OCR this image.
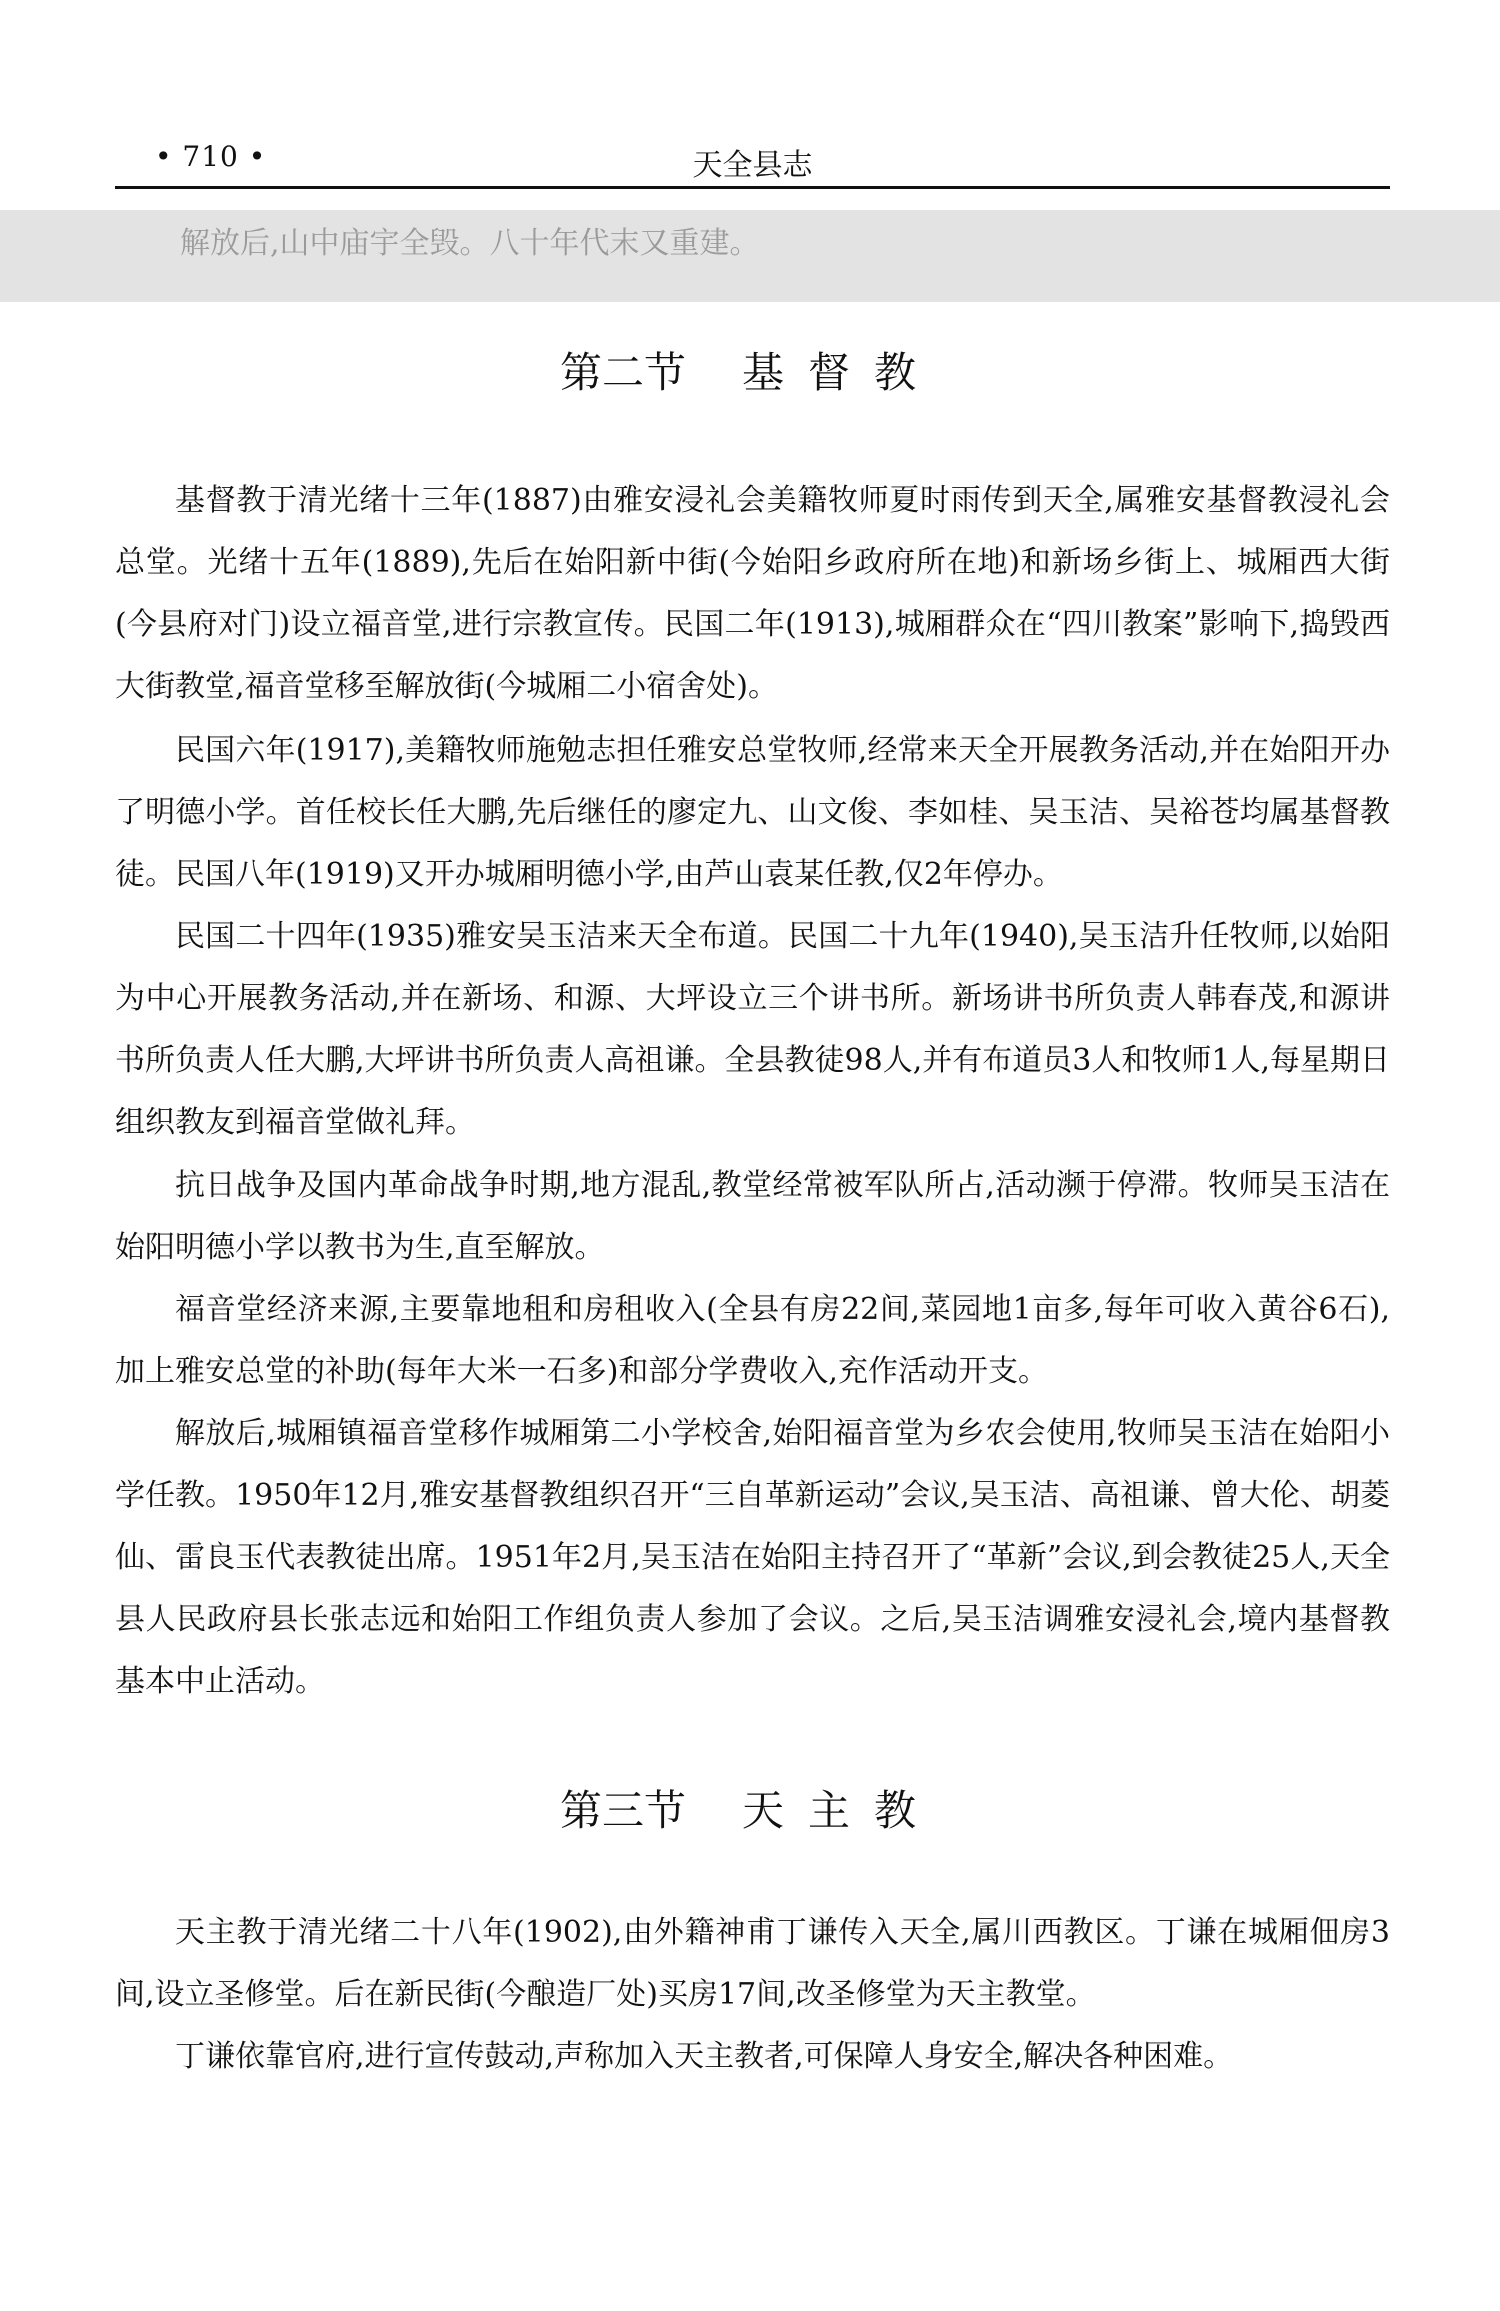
• 710 •	天全县志
解放后,山中庙宇全毁。八十年代末又重建。
第二节 基督教

基督教于清光绪十三年(1887)由雅安浸礼会美籍牧师夏时雨传到天全,属雅安基督教浸礼会总堂。光绪十五年(1889),先后在始阳新中街(今始阳乡政府所在地)和新场乡街上、城厢西大街(今县府对门)设立福音堂,进行宗教宣传。民国二年(1913),城厢群众在“四川教案”影响下,捣毁西大街教堂,福音堂移至解放街(今城厢二小宿舍处)。

民国六年(1917),美籍牧师施勉志担任雅安总堂牧师,经常来天全开展教务活动,并在始阳开办了明德小学。首任校长任大鹏,先后继任的廖定九、山文俊、李如桂、吴玉洁、吴裕苍均属基督教徒。民国八年(1919)又开办城厢明德小学,由芦山袁某任教,仅2年停办。

民国二十四年(1935)雅安吴玉洁来天全布道。民国二十九年(1940),吴玉洁升任牧师,以始阳为中心开展教务活动,并在新场、和源、大坪设立三个讲书所。新场讲书所负责人韩春茂,和源讲书所负责人任大鹏,大坪讲书所负责人高祖谦。全县教徒98人,并有布道员3人和牧师1人,每星期日组织教友到福音堂做礼拜。

抗日战争及国内革命战争时期,地方混乱,教堂经常被军队所占,活动濒于停滞。牧师吴玉洁在始阳明德小学以教书为生,直至解放。

福音堂经济来源,主要靠地租和房租收入(全县有房22间,菜园地1亩多,每年可收入黄谷6石),加上雅安总堂的补助(每年大米一石多)和部分学费收入,充作活动开支。

解放后,城厢镇福音堂移作城厢第二小学校舍,始阳福音堂为乡农会使用,牧师吴玉洁在始阳小学任教。1950年12月,雅安基督教组织召开“三自革新运动”会议,吴玉洁、高祖谦、曾大伦、胡菱仙、雷良玉代表教徒出席。1951年2月,吴玉洁在始阳主持召开了“革新”会议,到会教徒25人,天全县人民政府县长张志远和始阳工作组负责人参加了会议。之后,吴玉洁调雅安浸礼会,境内基督教基本中止活动。

第三节 天主教

天主教于清光绪二十八年(1902),由外籍神甫丁谦传入天全,属川西教区。丁谦在城厢佃房3间,设立圣修堂。后在新民街(今酿造厂处)买房17间,改圣修堂为天主教堂。

丁谦依靠官府,进行宣传鼓动,声称加入天主教者,可保障人身安全,解决各种困难。
